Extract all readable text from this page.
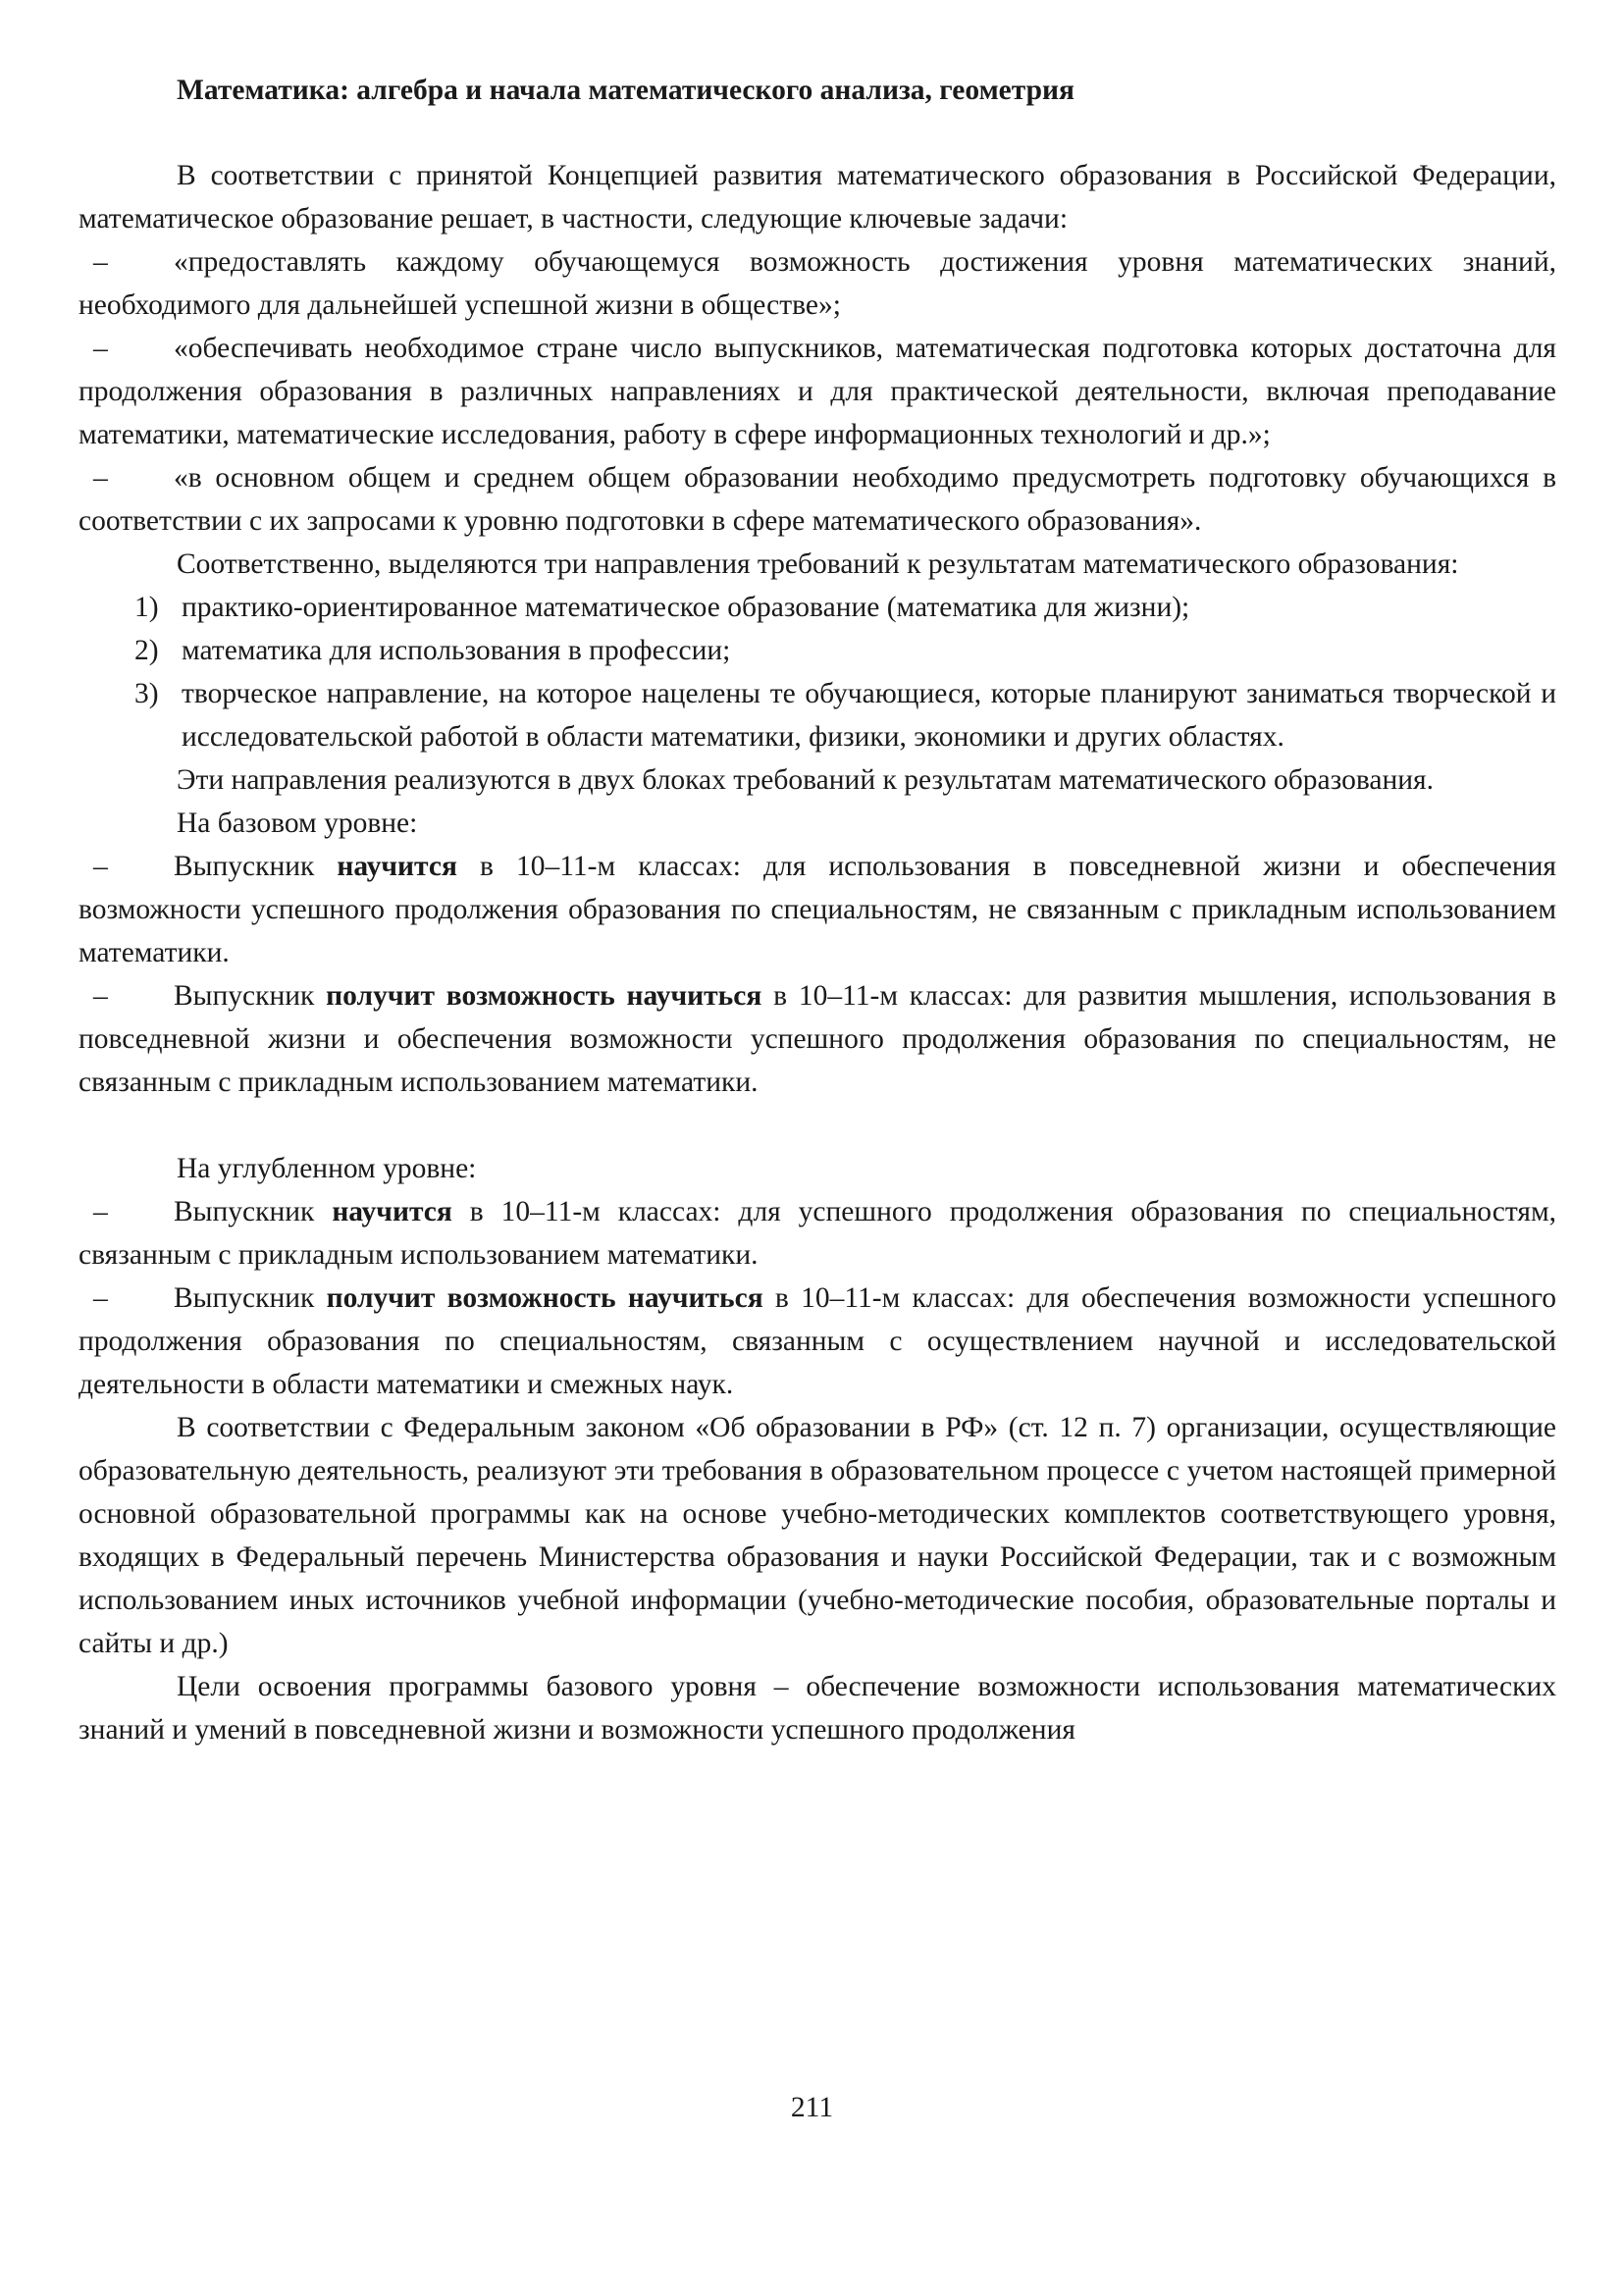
Математика: алгебра и начала математического анализа, геометрия

В соответствии с принятой Концепцией развития математического образования в Российской Федерации, математическое образование решает, в частности, следующие ключевые задачи:

– «предоставлять каждому обучающемуся возможность достижения уровня математических знаний, необходимого для дальнейшей успешной жизни в обществе»;

– «обеспечивать необходимое стране число выпускников, математическая подготовка которых достаточна для продолжения образования в различных направлениях и для практической деятельности, включая преподавание математики, математические исследования, работу в сфере информационных технологий и др.»;

– «в основном общем и среднем общем образовании необходимо предусмотреть подготовку обучающихся в соответствии с их запросами к уровню подготовки в сфере математического образования».

Соответственно, выделяются три направления требований к результатам математического образования:

1) практико-ориентированное математическое образование (математика для жизни);
2) математика для использования в профессии;
3) творческое направление, на которое нацелены те обучающиеся, которые планируют заниматься творческой и исследовательской работой в области математики, физики, экономики и других областях.

Эти направления реализуются в двух блоках требований к результатам математического образования.

На базовом уровне:

– Выпускник научится в 10–11-м классах: для использования в повседневной жизни и обеспечения возможности успешного продолжения образования по специальностям, не связанным с прикладным использованием математики.

– Выпускник получит возможность научиться в 10–11-м классах: для развития мышления, использования в повседневной жизни и обеспечения возможности успешного продолжения образования по специальностям, не связанным с прикладным использованием математики.

На углубленном уровне:

– Выпускник научится в 10–11-м классах: для успешного продолжения образования по специальностям, связанным с прикладным использованием математики.

– Выпускник получит возможность научиться в 10–11-м классах: для обеспечения возможности успешного продолжения образования по специальностям, связанным с осуществлением научной и исследовательской деятельности в области математики и смежных наук.

В соответствии с Федеральным законом «Об образовании в РФ» (ст. 12 п. 7) организации, осуществляющие образовательную деятельность, реализуют эти требования в образовательном процессе с учетом настоящей примерной основной образовательной программы как на основе учебно-методических комплектов соответствующего уровня, входящих в Федеральный перечень Министерства образования и науки Российской Федерации, так и с возможным использованием иных источников учебной информации (учебно-методические пособия, образовательные порталы и сайты и др.)

Цели освоения программы базового уровня – обеспечение возможности использования математических знаний и умений в повседневной жизни и возможности успешного продолжения

211
